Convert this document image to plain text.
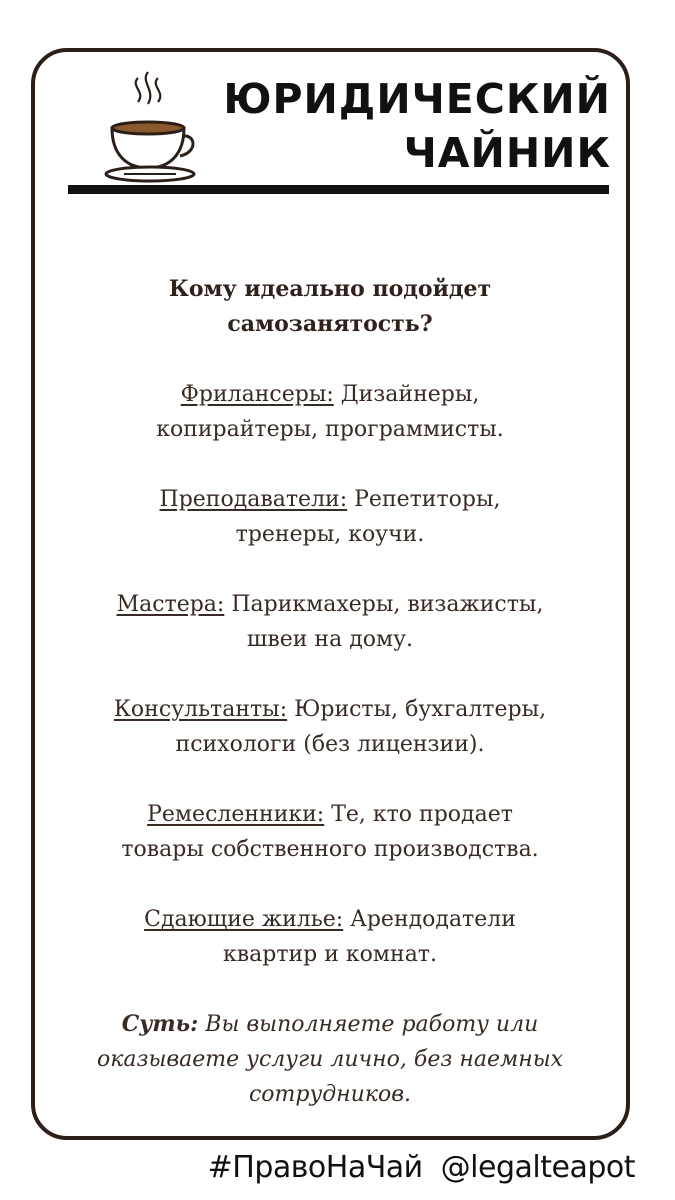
ЮРИДИЧЕСКИЙ
ЧАЙНИК
Кому идеально подойдет
самозанятость?
Фрилансеры: Дизайнеры,
копирайтеры, программисты.
Преподаватели: Репетиторы,
тренеры, коучи.
Мастера: Парикмахеры, визажисты,
швеи на дому.
Консультанты: Юристы, бухгалтеры,
психологи (без лицензии).
Ремесленники: Те, кто продает
товары собственного производства.
Сдающие жилье: Арендодатели
квартир и комнат.
Суть: Вы выполняете работу или
оказываете услуги лично, без наемных
сотрудников.
#ПравоНаЧай @legalteapot
